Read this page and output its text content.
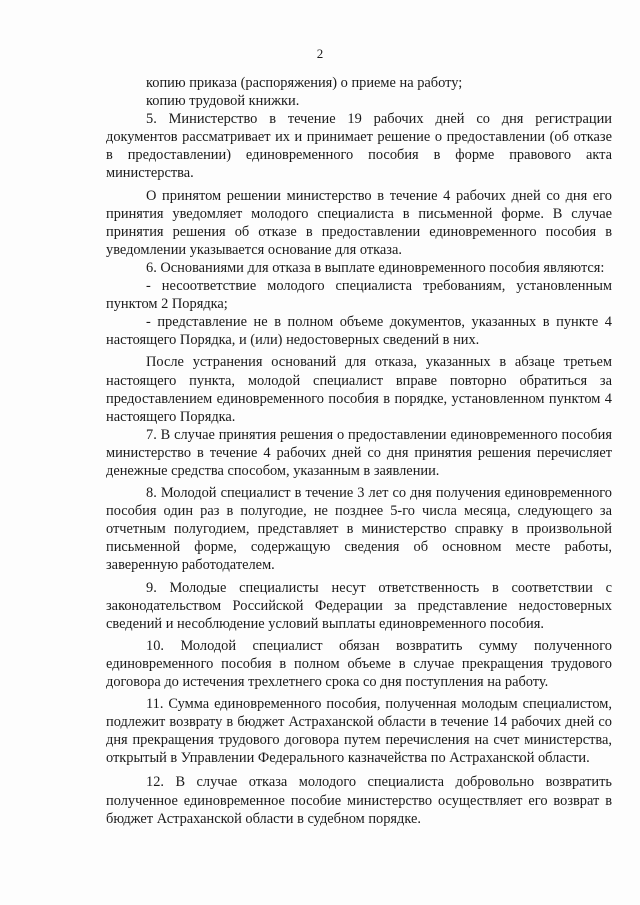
2

копию приказа (распоряжения) о приеме на работу;

копию трудовой книжки.

5. Министерство в течение 19 рабочих дней со дня регистрации документов рассматривает их и принимает решение о предоставлении (об отказе в предоставлении) единовременного пособия в форме правового акта министерства.

О принятом решении министерство в течение 4 рабочих дней со дня его принятия уведомляет молодого специалиста в письменной форме. В случае принятия решения об отказе в предоставлении единовременного пособия в уведомлении указывается основание для отказа.

6. Основаниями для отказа в выплате единовременного пособия являются:

- несоответствие молодого специалиста требованиям, установленным пунктом 2 Порядка;

- представление не в полном объеме документов, указанных в пункте 4 настоящего Порядка, и (или) недостоверных сведений в них.

После устранения оснований для отказа, указанных в абзаце третьем настоящего пункта, молодой специалист вправе повторно обратиться за предоставлением единовременного пособия в порядке, установленном пунктом 4 настоящего Порядка.

7. В случае принятия решения о предоставлении единовременного пособия министерство в течение 4 рабочих дней со дня принятия решения перечисляет денежные средства способом, указанным в заявлении.

8. Молодой специалист в течение 3 лет со дня получения единовременного пособия один раз в полугодие, не позднее 5-го числа месяца, следующего за отчетным полугодием, представляет в министерство справку в произвольной письменной форме, содержащую сведения об основном месте работы, заверенную работодателем.

9. Молодые специалисты несут ответственность в соответствии с законодательством Российской Федерации за представление недостоверных сведений и несоблюдение условий выплаты единовременного пособия.

10. Молодой специалист обязан возвратить сумму полученного единовременного пособия в полном объеме в случае прекращения трудового договора до истечения трехлетнего срока со дня поступления на работу.

11. Сумма единовременного пособия, полученная молодым специалистом, подлежит возврату в бюджет Астраханской области в течение 14 рабочих дней со дня прекращения трудового договора путем перечисления на счет министерства, открытый в Управлении Федерального казначейства по Астраханской области.

12. В случае отказа молодого специалиста добровольно возвратить полученное единовременное пособие министерство осуществляет его возврат в бюджет Астраханской области в судебном порядке.
